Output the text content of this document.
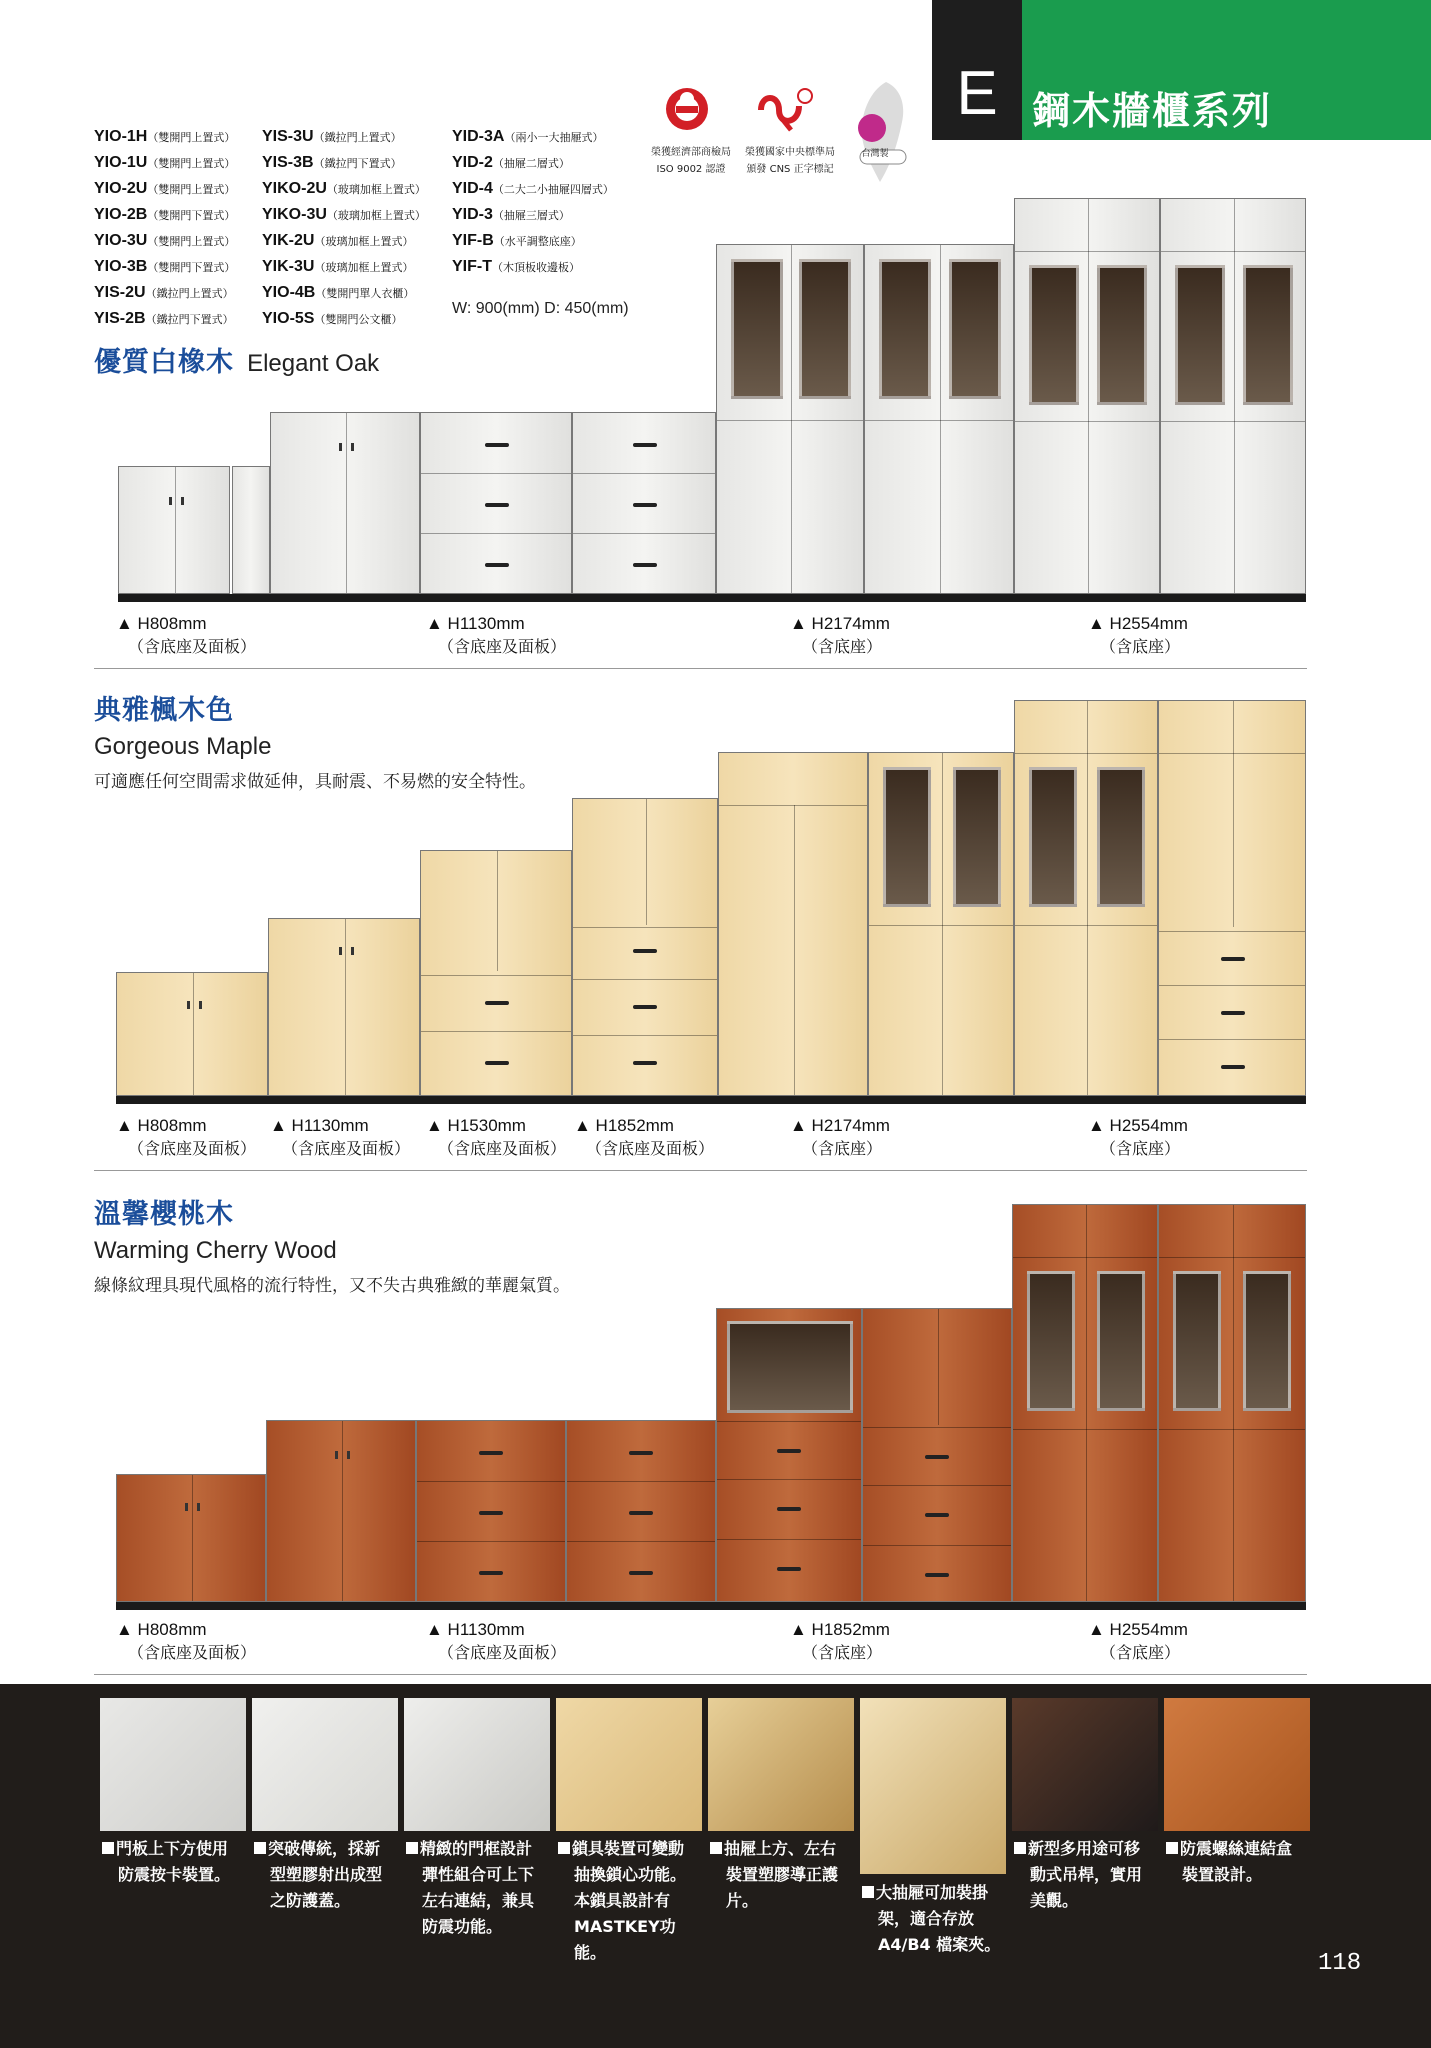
E 鋼木牆櫃系列
YIO-1H（雙開門上置式）
YIO-1U（雙開門上置式）
YIO-2U（雙開門上置式）
YIO-2B（雙開門下置式）
YIO-3U（雙開門上置式）
YIO-3B（雙開門下置式）
YIS-2U（鐵拉門上置式）
YIS-2B（鐵拉門下置式）
YIS-3U（鐵拉門上置式）
YIS-3B（鐵拉門下置式）
YIKO-2U（玻璃加框上置式）
YIKO-3U（玻璃加框上置式）
YIK-2U（玻璃加框上置式）
YIK-3U（玻璃加框上置式）
YIO-4B（雙開門單人衣櫃）
YIO-5S（雙開門公文櫃）
YID-3A（兩小一大抽屜式）
YID-2（抽屜二層式）
YID-4（二大二小抽屜四層式）
YID-3（抽屜三層式）
YIF-B（水平調整底座）
YIF-T（木頂板收邊板）
W: 900(mm) D: 450(mm)
榮獲經濟部商檢局
ISO 9002 認證
榮獲國家中央標準局
頒發 CNS 正字標記
台灣製
優質白橡木 Elegant Oak
▲ H808mm
（含底座及面板）
▲ H1130mm
（含底座及面板）
▲ H2174mm
（含底座）
▲ H2554mm
（含底座）
典雅楓木色
Gorgeous Maple
可適應任何空間需求做延伸，具耐震、不易燃的安全特性。
▲ H808mm
（含底座及面板）
▲ H1130mm
（含底座及面板）
▲ H1530mm
（含底座及面板）
▲ H1852mm
（含底座及面板）
▲ H2174mm
（含底座）
▲ H2554mm
（含底座）
溫馨櫻桃木
Warming Cherry Wood
線條紋理具現代風格的流行特性，又不失古典雅緻的華麗氣質。
▲ H808mm
（含底座及面板）
▲ H1130mm
（含底座及面板）
▲ H1852mm
（含底座）
▲ H2554mm
（含底座）
門板上下方使用
防震按卡裝置。
突破傳統，採新
型塑膠射出成型
之防護蓋。
精緻的門框設計
彈性組合可上下
左右連結，兼具
防震功能。
鎖具裝置可變動
抽換鎖心功能。
本鎖具設計有
MASTKEY功
能。
抽屜上方、左右
裝置塑膠導正護
片。	大抽屜可加裝掛
架，適合存放
A4/B4 檔案夾。
新型多用途可移
動式吊桿，實用
美觀。
防震螺絲連結盒
裝置設計。
118
